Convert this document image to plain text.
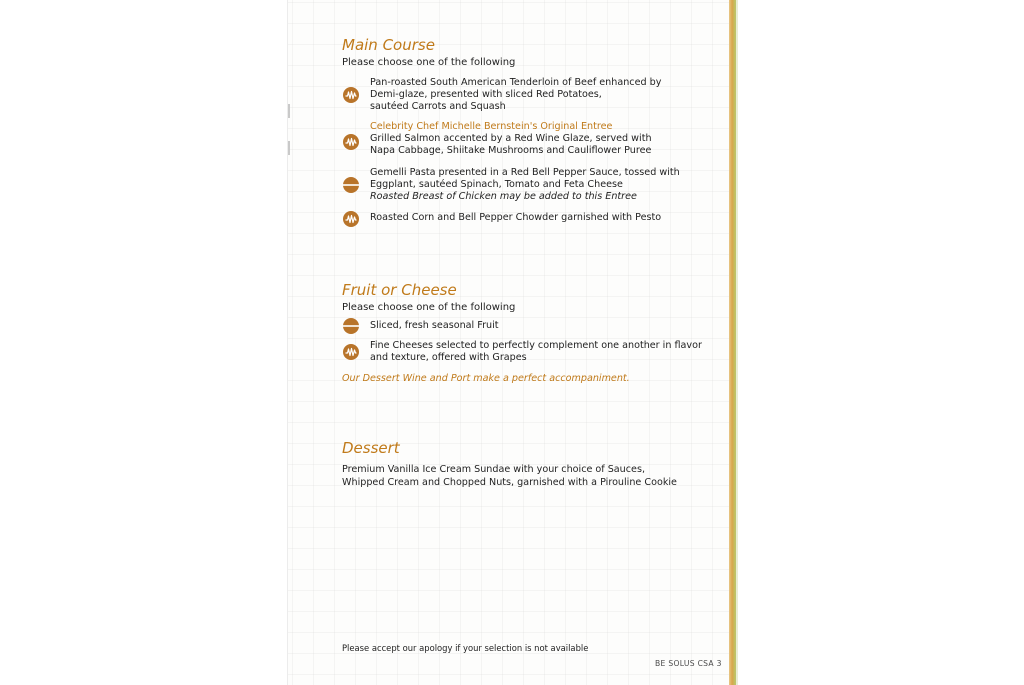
Main Course
Please choose one of the following
Pan-roasted South American Tenderloin of Beef enhanced by
Demi-glaze, presented with sliced Red Potatoes,
sautéed Carrots and Squash
Celebrity Chef Michelle Bernstein's Original Entree
Grilled Salmon accented by a Red Wine Glaze, served with
Napa Cabbage, Shiitake Mushrooms and Cauliflower Puree
Gemelli Pasta presented in a Red Bell Pepper Sauce, tossed with
Eggplant, sautéed Spinach, Tomato and Feta Cheese
Roasted Breast of Chicken may be added to this Entree
Roasted Corn and Bell Pepper Chowder garnished with Pesto
Fruit or Cheese
Please choose one of the following
Sliced, fresh seasonal Fruit
Fine Cheeses selected to perfectly complement one another in flavor
and texture, offered with Grapes
Our Dessert Wine and Port make a perfect accompaniment.
Dessert
Premium Vanilla Ice Cream Sundae with your choice of Sauces,
Whipped Cream and Chopped Nuts, garnished with a Pirouline Cookie
Please accept our apology if your selection is not available
BE SOLUS CSA 3
